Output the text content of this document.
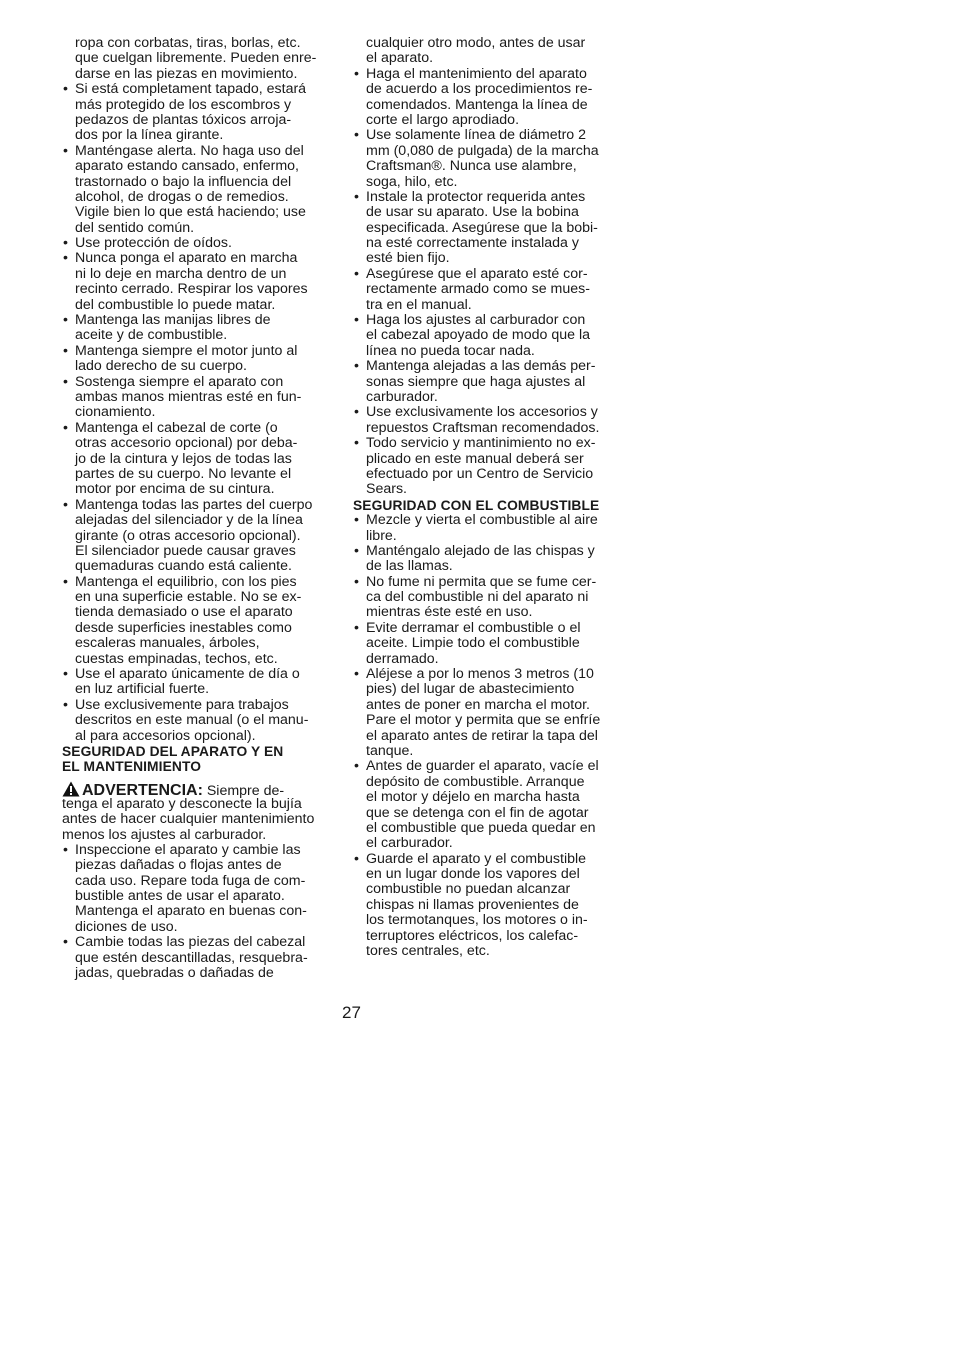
ropa con corbatas, tiras, borlas, etc.
que cuelgan libremente. Pueden enre-
darse en las piezas en movimiento.
• Si está completament tapado, estará
más protegido de los escombros y
pedazos de plantas tóxicos arroja-
dos por la línea girante.
• Manténgase alerta. No haga uso del
aparato estando cansado, enfermo,
trastornado o bajo la influencia del
alcohol, de drogas o de remedios.
Vigile bien lo que está haciendo; use
del sentido común.
• Use protección de oídos.
• Nunca ponga el aparato en marcha
ni lo deje en marcha dentro de un
recinto cerrado. Respirar los vapores
del combustible lo puede matar.
• Mantenga las manijas libres de
aceite y de combustible.
• Mantenga siempre el motor junto al
lado derecho de su cuerpo.
• Sostenga siempre el aparato con
ambas manos mientras esté en fun-
cionamiento.
• Mantenga el cabezal de corte (o
otras accesorio opcional) por deba-
jo de la cintura y lejos de todas las
partes de su cuerpo. No levante el
motor por encima de su cintura.
• Mantenga todas las partes del cuerpo
alejadas del silenciador y de la línea
girante (o otras accesorio opcional).
El silenciador puede causar graves
quemaduras cuando está caliente.
• Mantenga el equilibrio, con los pies
en una superficie estable. No se ex-
tienda demasiado o use el aparato
desde superficies inestables como
escaleras manuales, árboles,
cuestas empinadas, techos, etc.
• Use el aparato únicamente de día o
en luz artificial fuerte.
• Use exclusivemente para trabajos
descritos en este manual (o el manu-
al para accesorios opcional).
SEGURIDAD DEL APARATO Y EN
EL MANTENIMIENTO
ADVERTENCIA: Siempre de-
tenga el aparato y desconecte la bujía
antes de hacer cualquier mantenimiento
menos los ajustes al carburador.
• Inspeccione el aparato y cambie las
piezas dañadas o flojas antes de
cada uso. Repare toda fuga de com-
bustible antes de usar el aparato.
Mantenga el aparato en buenas con-
diciones de uso.
• Cambie todas las piezas del cabezal
que estén descantilladas, resquebra-
jadas, quebradas o dañadas de
cualquier otro modo, antes de usar
el aparato.
• Haga el mantenimiento del aparato
de acuerdo a los procedimientos re-
comendados. Mantenga la línea de
corte el largo aprodiado.
• Use solamente línea de diámetro 2
mm (0,080 de pulgada) de la marcha
Craftsman®. Nunca use alambre,
soga, hilo, etc.
• Instale la protector requerida antes
de usar su aparato. Use la bobina
especificada. Asegúrese que la bobi-
na esté correctamente instalada y
esté bien fijo.
• Asegúrese que el aparato esté cor-
rectamente armado como se mues-
tra en el manual.
• Haga los ajustes al carburador con
el cabezal apoyado de modo que la
línea no pueda tocar nada.
• Mantenga alejadas a las demás per-
sonas siempre que haga ajustes al
carburador.
• Use exclusivamente los accesorios y
repuestos Craftsman recomendados.
• Todo servicio y mantinimiento no ex-
plicado en este manual deberá ser
efectuado por un Centro de Servicio
Sears.
SEGURIDAD CON EL COMBUSTIBLE
• Mezcle y vierta el combustible al aire
libre.
• Manténgalo alejado de las chispas y
de las llamas.
• No fume ni permita que se fume cer-
ca del combustible ni del aparato ni
mientras éste esté en uso.
• Evite derramar el combustible o el
aceite. Limpie todo el combustible
derramado.
• Aléjese a por lo menos 3 metros (10
pies) del lugar de abastecimiento
antes de poner en marcha el motor.
Pare el motor y permita que se enfríe
el aparato antes de retirar la tapa del
tanque.
• Antes de guarder el aparato, vacíe el
depósito de combustible. Arranque
el motor y déjelo en marcha hasta
que se detenga con el fin de agotar
el combustible que pueda quedar en
el carburador.
• Guarde el aparato y el combustible
en un lugar donde los vapores del
combustible no puedan alcanzar
chispas ni llamas provenientes de
los termotanques, los motores o in-
terruptores eléctricos, los calefac-
tores centrales, etc.
27
